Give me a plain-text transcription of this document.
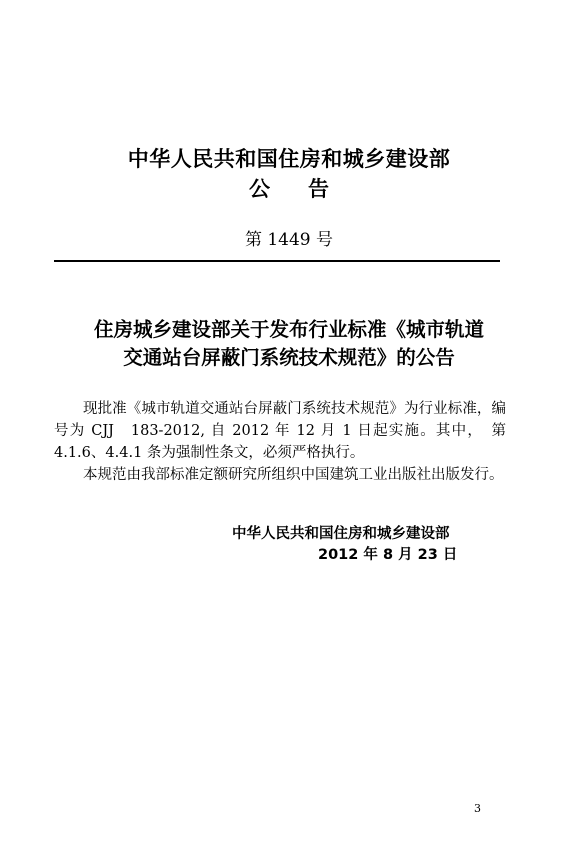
中华人民共和国住房和城乡建设部
公告
第 1449 号
住房城乡建设部关于发布行业标准《城市轨道
交通站台屏蔽门系统技术规范》的公告

现批准《城市轨道交通站台屏蔽门系统技术规范》为行业标准，编号为 CJJ　183-2012, 自 2012 年 12 月 1 日起实施。其中，　第 4.1.6、4.4.1 条为强制性条文，必须严格执行。

本规范由我部标准定额研究所组织中国建筑工业出版社出版发行。

中华人民共和国住房和城乡建设部
2012 年 8 月 23 日
3
